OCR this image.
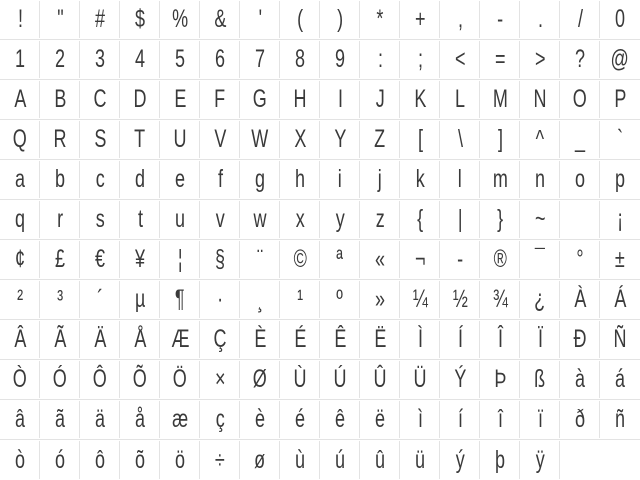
! " # $ % & ' ( ) * + , - . / 0
1 2 3 4 5 6 7 8 9 : ; < = > ? @
A B C D E F G H I J K L M N O P
Q R S T U V W X Y Z [ \ ] ^ _ `
a b c d e f g h i j k l m n o p
q r s t u v w x y z { | } ~
	¡
¢ £ € ¥ ¦ § ¨ © ª « ¬ - ® ¯ ° ±
² ³ ´ µ ¶ · ¸ ¹ º » ¼ ½ ¾ ¿ À Á
Â Ã Ä Å Æ Ç È É Ê Ë Ì Í Î Ï Ð Ñ
Ò Ó Ô Õ Ö × Ø Ù Ú Û Ü Ý Þ ß à á
â ã ä å æ ç è é ê ë ì í î ï ð ñ
ò ó ô õ ö ÷ ø ù ú û ü ý þ ÿ
